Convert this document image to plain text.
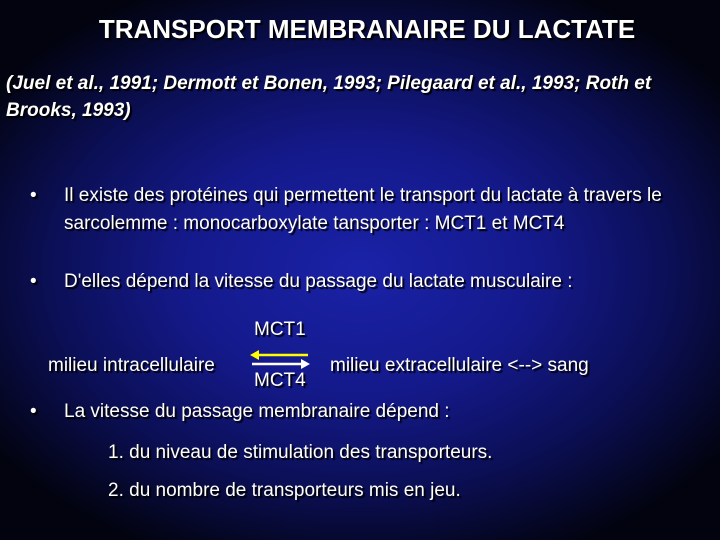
TRANSPORT MEMBRANAIRE DU LACTATE
(Juel et al., 1991; Dermott et Bonen, 1993; Pilegaard et al., 1993; Roth et Brooks, 1993)
• Il existe des protéines qui permettent le transport du lactate à travers le sarcolemme : monocarboxylate tansporter : MCT1 et MCT4
• D'elles dépend la vitesse du passage du lactate musculaire :
MCT1
milieu intracellulaire	milieu extracellulaire <--> sang
MCT4
• La vitesse du passage membranaire dépend :
1. du niveau de stimulation des transporteurs.
2. du nombre de transporteurs mis en jeu.
